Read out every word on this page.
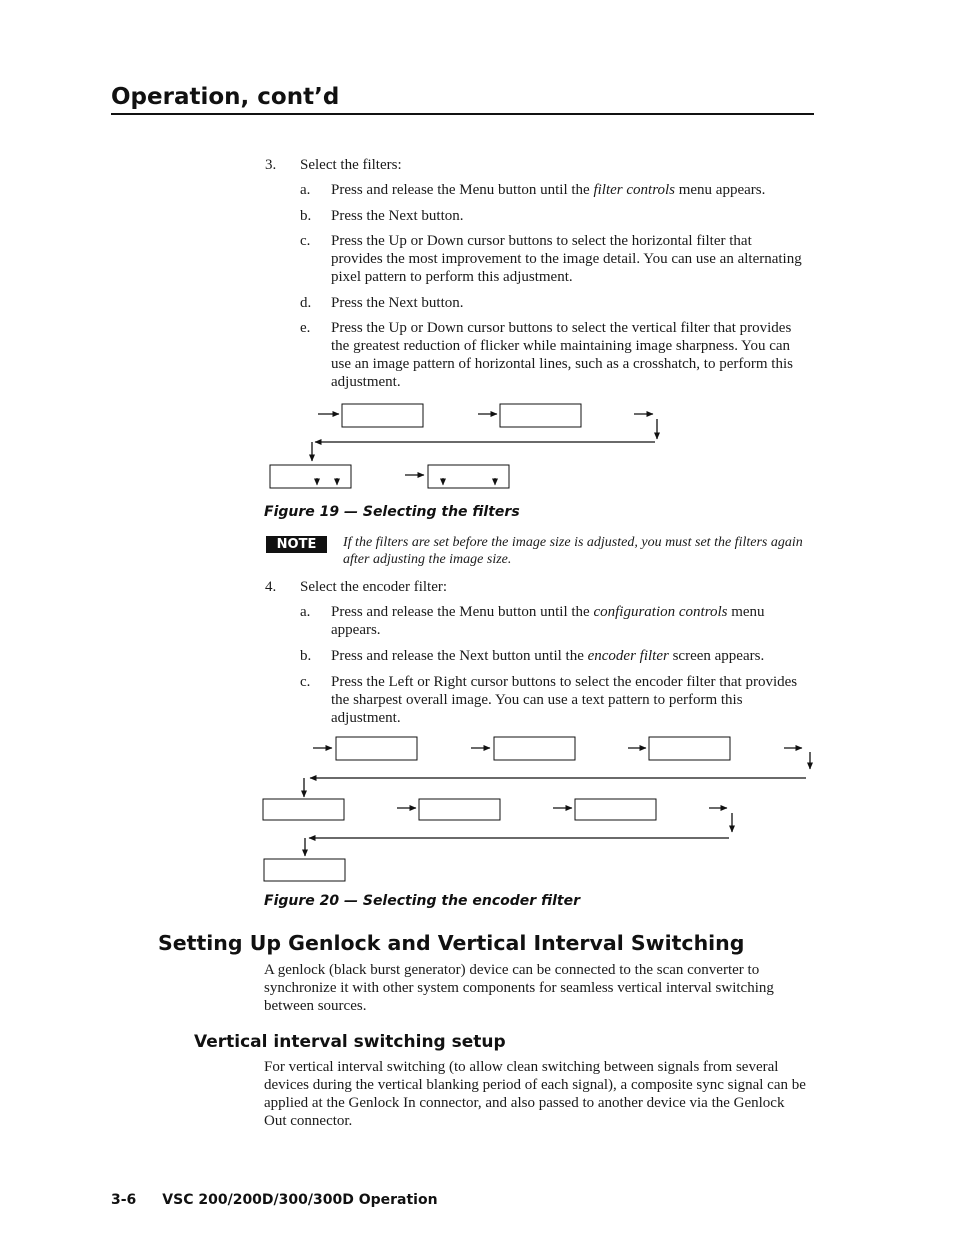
Operation, cont’d
3. Select the filters:
a. Press and release the Menu button until the filter controls menu appears.
b. Press the Next button.
c. Press the Up or Down cursor buttons to select the horizontal filter that provides the most improvement to the image detail. You can use an alternating pixel pattern to perform this adjustment.
d. Press the Next button.
e. Press the Up or Down cursor buttons to select the vertical filter that provides the greatest reduction of flicker while maintaining image sharpness. You can use an image pattern of horizontal lines, such as a crosshatch, to perform this adjustment.
Figure 19 — Selecting the filters
NOTE	If the filters are set before the image size is adjusted, you must set the filters again after adjusting the image size.
4. Select the encoder filter:
a. Press and release the Menu button until the configuration controls menu appears.
b. Press and release the Next button until the encoder filter screen appears.
c. Press the Left or Right cursor buttons to select the encoder filter that provides the sharpest overall image. You can use a text pattern to perform this adjustment.
Figure 20 — Selecting the encoder filter
Setting Up Genlock and Vertical Interval Switching
A genlock (black burst generator) device can be connected to the scan converter to synchronize it with other system components for seamless vertical interval switching between sources.
Vertical interval switching setup
For vertical interval switching (to allow clean switching between signals from several devices during the vertical blanking period of each signal), a composite sync signal can be applied at the Genlock In connector, and also passed to another device via the Genlock Out connector.
3-6 VSC 200/200D/300/300D Operation
